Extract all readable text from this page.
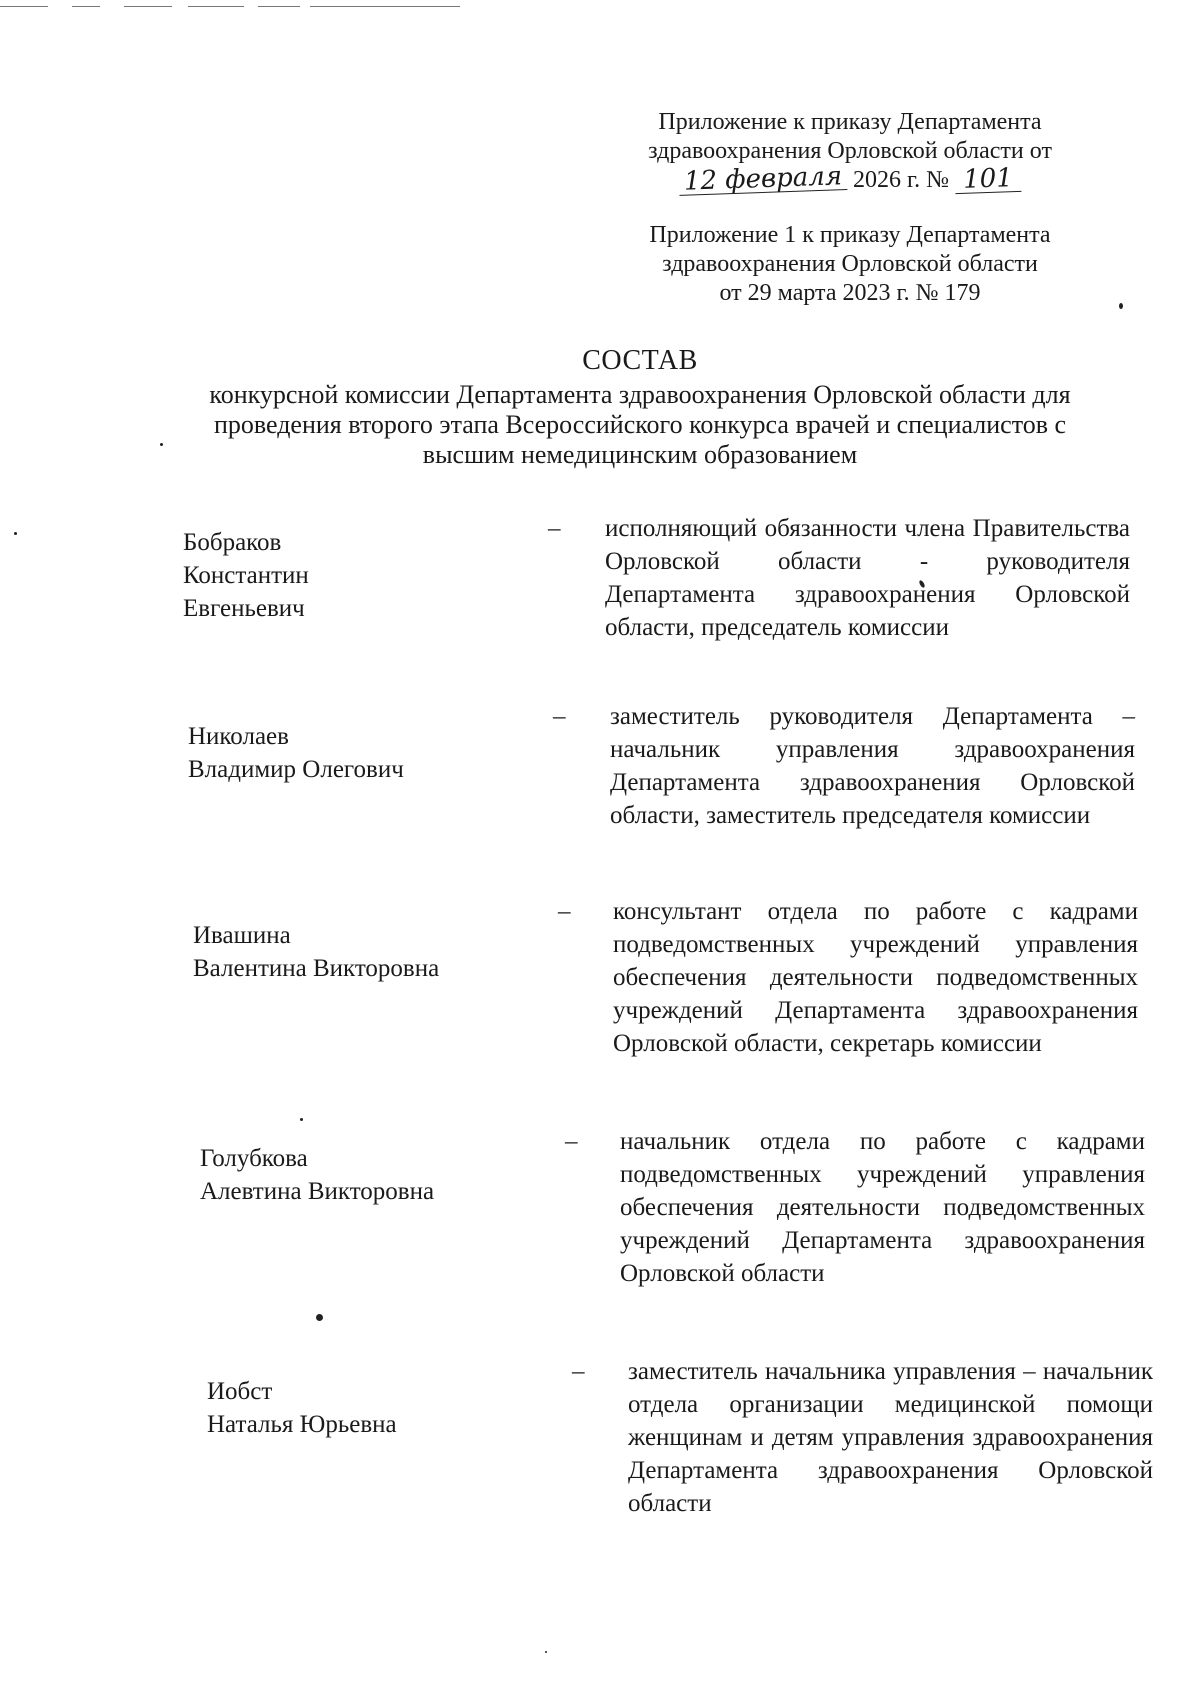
Приложение к приказу Департамента
здравоохранения Орловской области от
12 февраля 2026 г. № 101
Приложение 1 к приказу Департамента
здравоохранения Орловской области
от 29 марта 2023 г. № 179
СОСТАВ
конкурсной комиссии Департамента здравоохранения Орловской области для
проведения второго этапа Всероссийского конкурса врачей и специалистов с
высшим немедицинским образованием
Бобраков
Константин
Евгеньевич
– исполняющий обязанности члена Правительства Орловской области - руководителя Департамента здравоохранения Орловской области, председатель комиссии
Николаев
Владимир Олегович
– заместитель руководителя Департамента – начальник управления здравоохранения Департамента здравоохранения Орловской области, заместитель председателя комиссии
Ивашина
Валентина Викторовна
– консультант отдела по работе с кадрами подведомственных учреждений управления обеспечения деятельности подведомственных учреждений Департамента здравоохранения Орловской области, секретарь комиссии
Голубкова
Алевтина Викторовна
– начальник отдела по работе с кадрами подведомственных учреждений управления обеспечения деятельности подведомственных учреждений Департамента здравоохранения Орловской области
Иобст
Наталья Юрьевна
– заместитель начальника управления – начальник отдела организации медицинской помощи женщинам и детям управления здравоохранения Департамента здравоохранения Орловской области
